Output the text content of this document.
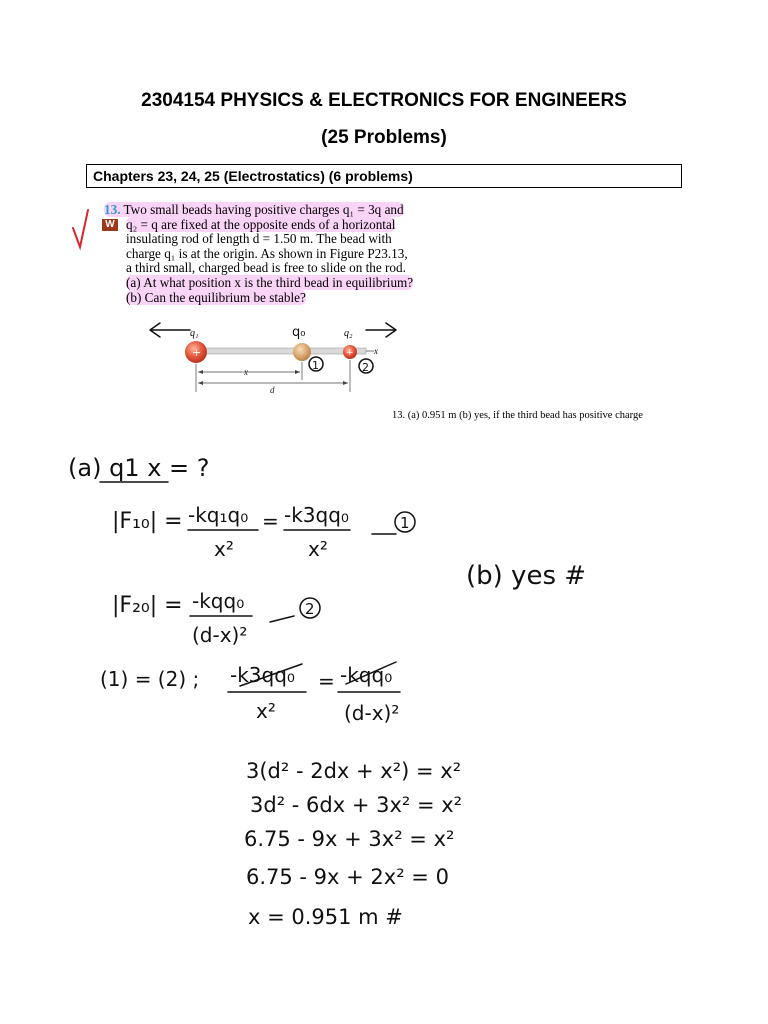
2304154 PHYSICS & ELECTRONICS FOR ENGINEERS
(25 Problems)
Chapters 23, 24, 25 (Electrostatics) (6 problems)
W
13. Two small beads having positive charges q₁ = 3q and
q₂ = q are fixed at the opposite ends of a horizontal
insulating rod of length d = 1.50 m. The bead with
charge q₁ is at the origin. As shown in Figure P23.13,
a third small, charged bead is free to slide on the rod.
(a) At what position x is the third bead in equilibrium?
(b) Can the equilibrium be stable?
x
+	+
q₁	q₂
q₀
1	2
x
d
13. (a) 0.951 m (b) yes, if the third bead has positive charge
(a) q1 x = ?
|F₁₀| = -kq₁q₀
x²
= -k3qq₀
x²
1
(b) yes #
|F₂₀| = -kqq₀
(d-x)²
2
(1) = (2) ; -k3qq₀
x²
= -kqq₀
(d-x)²
3(d² - 2dx + x²) = x²
3d² - 6dx + 3x² = x²
6.75 - 9x + 3x² = x²
6.75 - 9x + 2x² = 0
x = 0.951 m #
